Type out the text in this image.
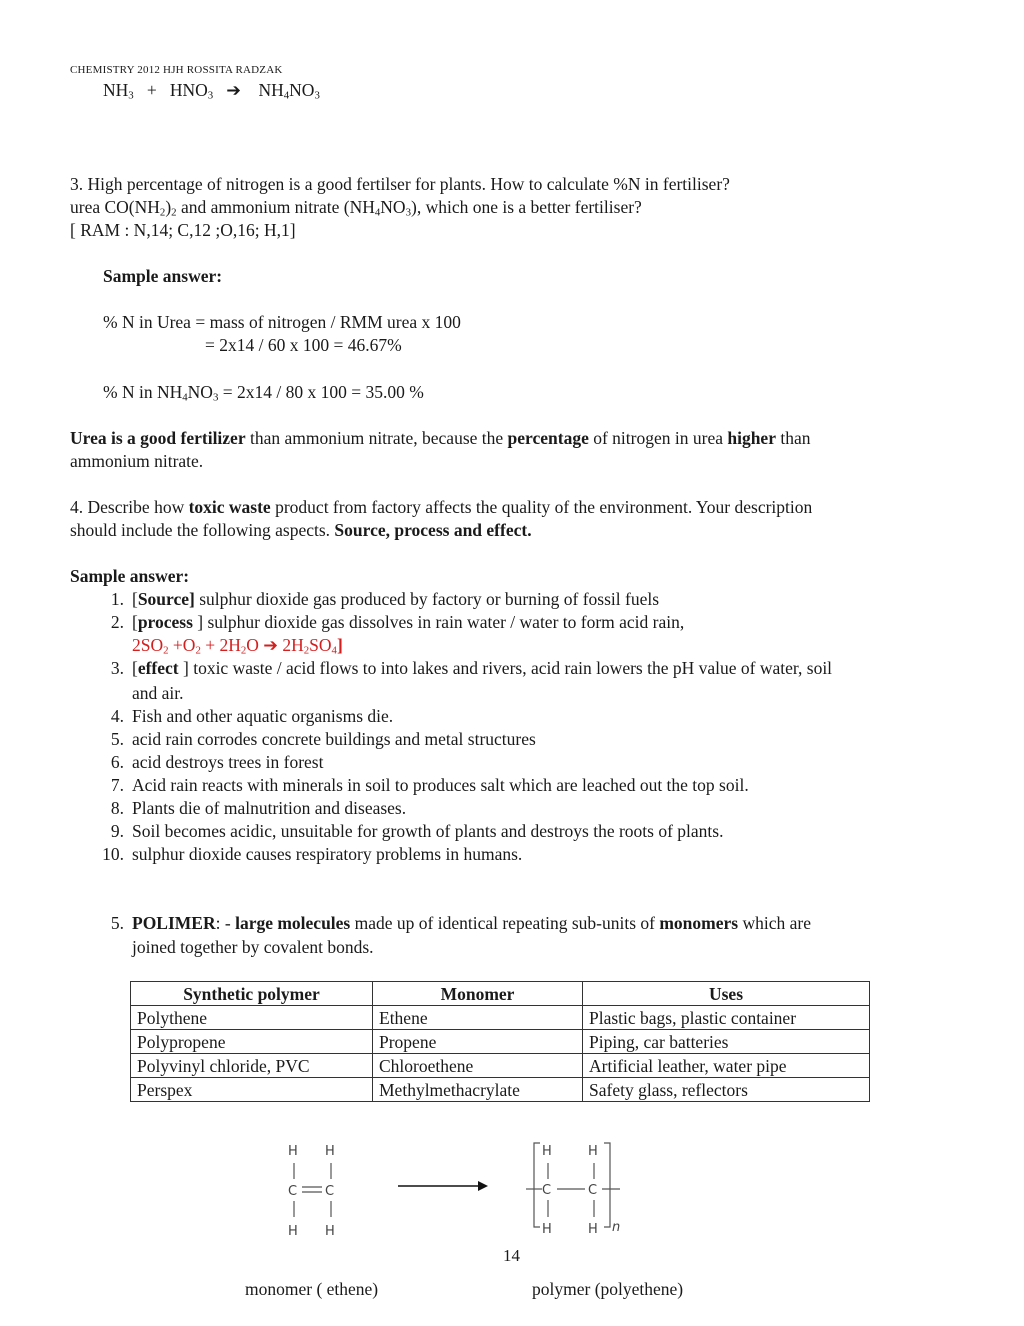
CHEMISTRY 2012 HJH ROSSITA RADZAK
$NH_3 + HNO_3$ ➔ $NH_4NO_3$
3. High percentage of nitrogen is a good fertilser for plants. How to calculate %N in fertiliser?
urea $CO(NH_2)_2$ and ammonium nitrate $(NH_4NO_3)$, which one is a better fertiliser?
[ RAM : N,14; C,12 ;O,16; H,1]
Sample answer:
% N in Urea = mass of nitrogen / RMM urea x 100
= 2x14 / 60 x 100 = 46.67%
% N in $NH_4NO_3 = 2x14 / 80$ x 100 = 35.00 %
Urea is a good fertilizer than ammonium nitrate, because the percentage of nitrogen in urea higher than
ammonium nitrate.
4. Describe how toxic waste product from factory affects the quality of the environment. Your description
should include the following aspects. Source, process and effect.
Sample answer:
1. [Source] sulphur dioxide gas produced by factory or burning of fossil fuels
2. [process ] sulphur dioxide gas dissolves in rain water / water to form acid rain,
$2SO_2 +O_2 + 2H_2O$ ➔ $2H_2SO_4$]
3. [effect ] toxic waste / acid flows to into lakes and rivers, acid rain lowers the pH value of water, soil
and air.
4. Fish and other aquatic organisms die.
5. acid rain corrodes concrete buildings and metal structures
6. acid destroys trees in forest
7. Acid rain reacts with minerals in soil to produces salt which are leached out the top soil.
8. Plants die of malnutrition and diseases.
9. Soil becomes acidic, unsuitable for growth of plants and destroys the roots of plants.
10. sulphur dioxide causes respiratory problems in humans.
5. POLIMER: - large molecules made up of identical repeating sub-units of monomers which are
joined together by covalent bonds.
Synthetic polymer	Monomer	Uses
Polythene	Ethene	Plastic bags, plastic container
Polypropene	Propene	Piping, car batteries
Polyvinyl chloride, PVC	Chloroethene	Artificial leather, water pipe
Perspex	Methylmethacrylate	Safety glass, reflectors
H H
C C
H H
H	H
C	C
H	H n
14
monomer ( ethene)	polymer (polyethene)
